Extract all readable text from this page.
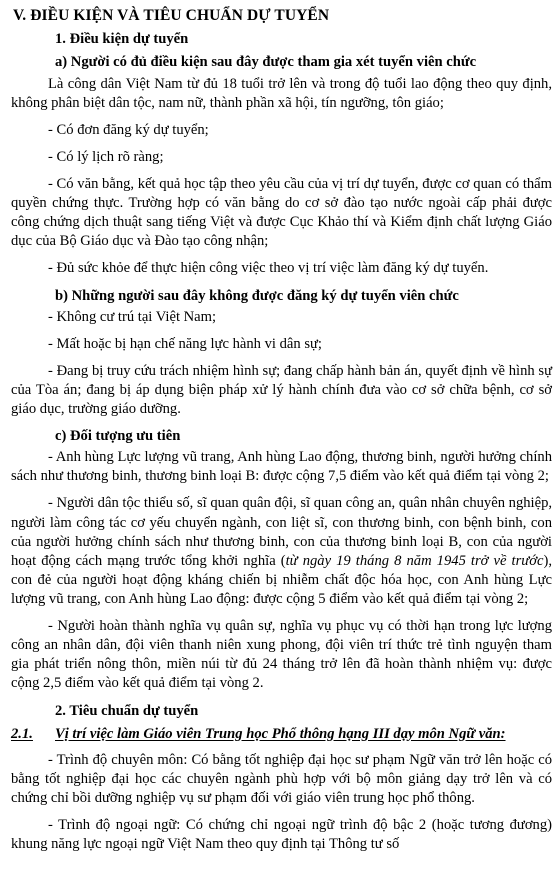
V. ĐIỀU KIỆN VÀ TIÊU CHUẨN DỰ TUYỂN
1. Điều kiện dự tuyển
a) Người có đủ điều kiện sau đây được tham gia xét tuyển viên chức
Là công dân Việt Nam từ đủ 18 tuổi trở lên và trong độ tuổi lao động theo quy định, không phân biệt dân tộc, nam nữ, thành phần xã hội, tín ngưỡng, tôn giáo;
- Có đơn đăng ký dự tuyển;
- Có lý lịch rõ ràng;
- Có văn bằng, kết quả học tập theo yêu cầu của vị trí dự tuyển, được cơ quan có thẩm quyền chứng thực. Trường hợp có văn bằng do cơ sở đào tạo nước ngoài cấp phải được công chứng dịch thuật sang tiếng Việt và được Cục Khảo thí và Kiểm định chất lượng Giáo dục của Bộ Giáo dục và Đào tạo công nhận;
- Đủ sức khỏe để thực hiện công việc theo vị trí việc làm đăng ký dự tuyển.
b) Những người sau đây không được đăng ký dự tuyển viên chức
- Không cư trú tại Việt Nam;
- Mất hoặc bị hạn chế năng lực hành vi dân sự;
- Đang bị truy cứu trách nhiệm hình sự; đang chấp hành bản án, quyết định về hình sự của Tòa án; đang bị áp dụng biện pháp xử lý hành chính đưa vào cơ sở chữa bệnh, cơ sở giáo dục, trường giáo dưỡng.
c) Đối tượng ưu tiên
- Anh hùng Lực lượng vũ trang, Anh hùng Lao động, thương binh, người hưởng chính sách như thương binh, thương binh loại B: được cộng 7,5 điểm vào kết quả điểm tại vòng 2;
- Người dân tộc thiểu số, sĩ quan quân đội, sĩ quan công an, quân nhân chuyên nghiệp, người làm công tác cơ yếu chuyển ngành, con liệt sĩ, con thương binh, con bệnh binh, con của người hưởng chính sách như thương binh, con của thương binh loại B, con của người hoạt động cách mạng trước tổng khởi nghĩa (từ ngày 19 tháng 8 năm 1945 trở về trước), con đẻ của người hoạt động kháng chiến bị nhiễm chất độc hóa học, con Anh hùng Lực lượng vũ trang, con Anh hùng Lao động: được cộng 5 điểm vào kết quả điểm tại vòng 2;
- Người hoàn thành nghĩa vụ quân sự, nghĩa vụ phục vụ có thời hạn trong lực lượng công an nhân dân, đội viên thanh niên xung phong, đội viên trí thức trẻ tình nguyện tham gia phát triển nông thôn, miền núi từ đủ 24 tháng trở lên đã hoàn thành nhiệm vụ: được cộng 2,5 điểm vào kết quả điểm tại vòng 2.
2. Tiêu chuẩn dự tuyển
2.1.	Vị trí việc làm Giáo viên Trung học Phổ thông hạng III dạy môn Ngữ văn:
- Trình độ chuyên môn: Có bằng tốt nghiệp đại học sư phạm Ngữ văn trở lên hoặc có bằng tốt nghiệp đại học các chuyên ngành phù hợp với bộ môn giảng dạy trở lên và có chứng chỉ bồi dưỡng nghiệp vụ sư phạm đối với giáo viên trung học phổ thông.
- Trình độ ngoại ngữ: Có chứng chỉ ngoại ngữ trình độ bậc 2 (hoặc tương đương) khung năng lực ngoại ngữ Việt Nam theo quy định tại Thông tư số
